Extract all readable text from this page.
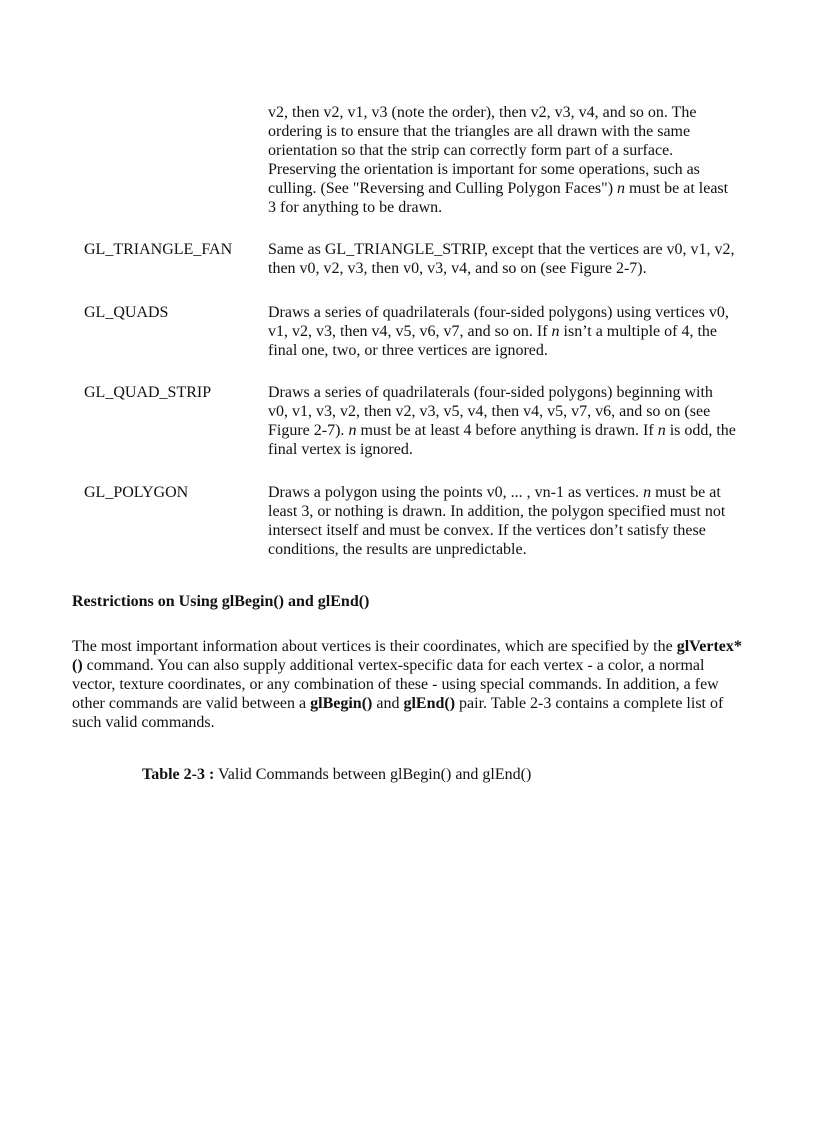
v2, then v2, v1, v3 (note the order), then v2, v3, v4, and so on. The ordering is to ensure that the triangles are all drawn with the same orientation so that the strip can correctly form part of a surface. Preserving the orientation is important for some operations, such as culling. (See "Reversing and Culling Polygon Faces") n must be at least 3 for anything to be drawn.

GL_TRIANGLE_FAN	Same as GL_TRIANGLE_STRIP, except that the vertices are v0, v1, v2, then v0, v2, v3, then v0, v3, v4, and so on (see Figure 2-7).

GL_QUADS	Draws a series of quadrilaterals (four-sided polygons) using vertices v0, v1, v2, v3, then v4, v5, v6, v7, and so on. If n isn’t a multiple of 4, the final one, two, or three vertices are ignored.

GL_QUAD_STRIP	Draws a series of quadrilaterals (four-sided polygons) beginning with v0, v1, v3, v2, then v2, v3, v5, v4, then v4, v5, v7, v6, and so on (see Figure 2-7). n must be at least 4 before anything is drawn. If n is odd, the final vertex is ignored.

GL_POLYGON	Draws a polygon using the points v0, ... , vn-1 as vertices. n must be at least 3, or nothing is drawn. In addition, the polygon specified must not intersect itself and must be convex. If the vertices don’t satisfy these conditions, the results are unpredictable.

Restrictions on Using glBegin() and glEnd()

The most important information about vertices is their coordinates, which are specified by the glVertex*() command. You can also supply additional vertex-specific data for each vertex - a color, a normal vector, texture coordinates, or any combination of these - using special commands. In addition, a few other commands are valid between a glBegin() and glEnd() pair. Table 2-3 contains a complete list of such valid commands.

Table 2-3 : Valid Commands between glBegin() and glEnd()
